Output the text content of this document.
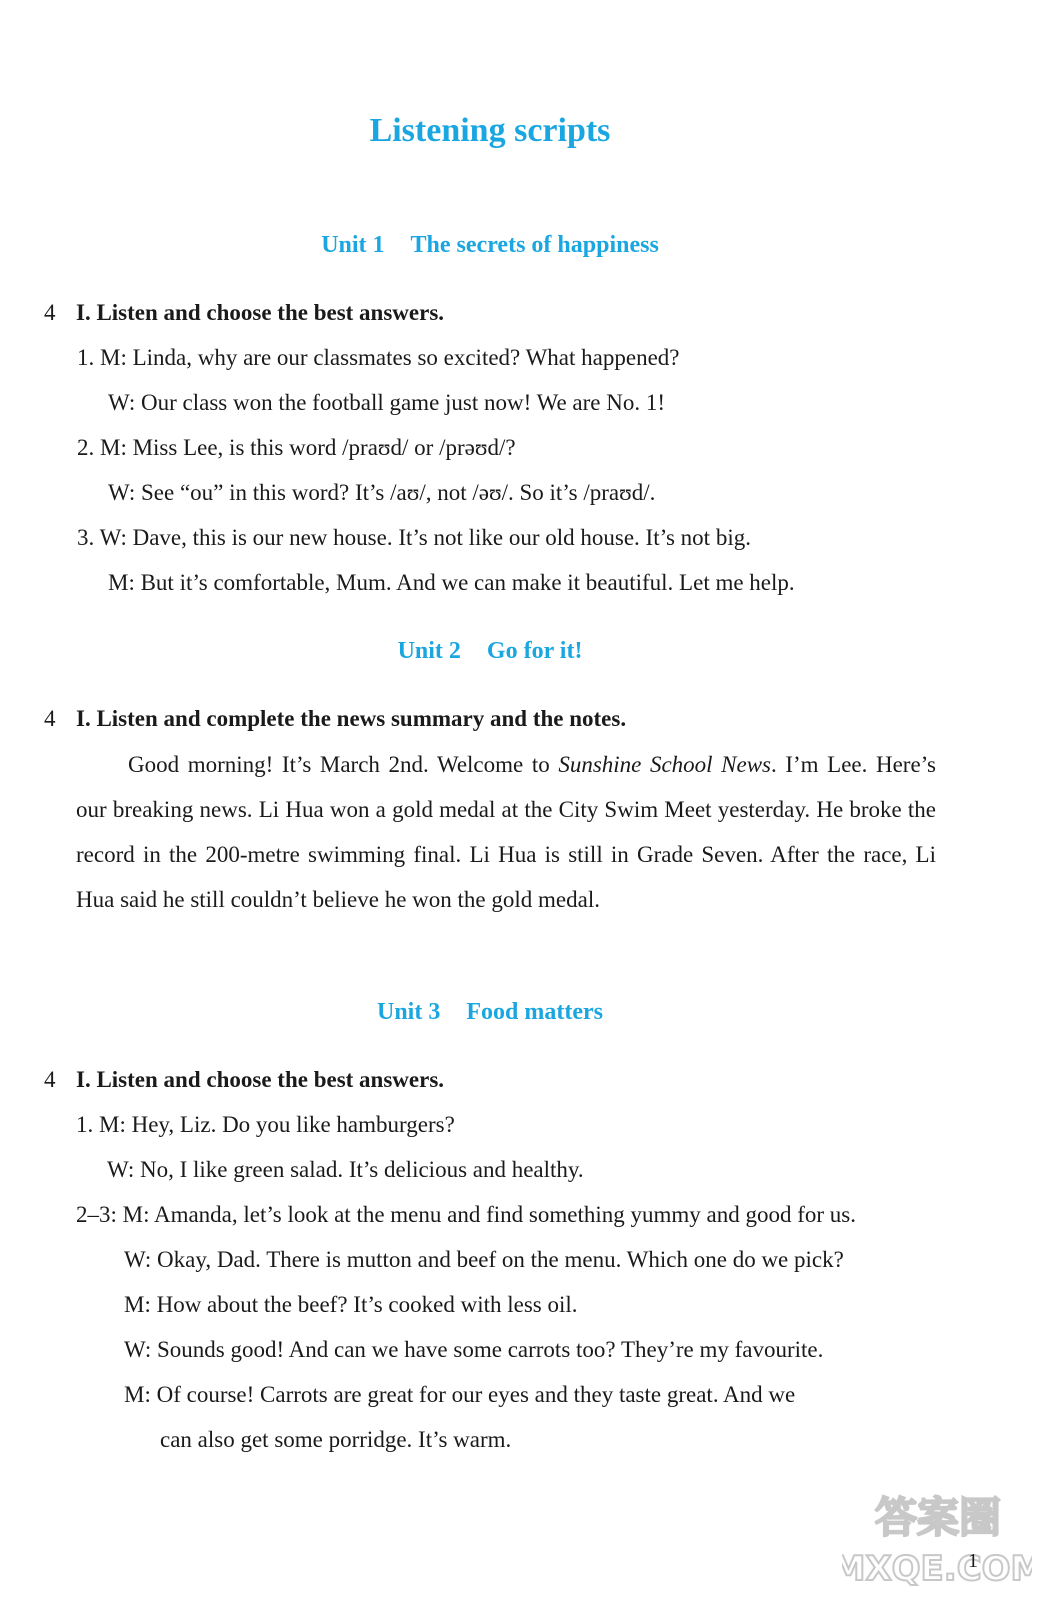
Listening scripts
Unit 1 The secrets of happiness
4 I. Listen and choose the best answers.
1. M: Linda, why are our classmates so excited? What happened?
W: Our class won the football game just now! We are No. 1!
2. M: Miss Lee, is this word /praʊd/ or /prəʊd/?
W: See “ou” in this word? It’s /aʊ/, not /əʊ/. So it’s /praʊd/.
3. W: Dave, this is our new house. It’s not like our old house. It’s not big.
M: But it’s comfortable, Mum. And we can make it beautiful. Let me help.
Unit 2 Go for it!
4 I. Listen and complete the news summary and the notes.
Good morning! It’s March 2nd. Welcome to Sunshine School News. I’m Lee. Here’s our breaking news. Li Hua won a gold medal at the City Swim Meet yesterday. He broke the record in the 200-metre swimming final. Li Hua is still in Grade Seven. After the race, Li Hua said he still couldn’t believe he won the gold medal.
Unit 3 Food matters
4 I. Listen and choose the best answers.
1. M: Hey, Liz. Do you like hamburgers?
W: No, I like green salad. It’s delicious and healthy.
2–3: M: Amanda, let’s look at the menu and find something yummy and good for us.
W: Okay, Dad. There is mutton and beef on the menu. Which one do we pick?
M: How about the beef? It’s cooked with less oil.
W: Sounds good! And can we have some carrots too? They’re my favourite.
M: Of course! Carrots are great for our eyes and they taste great. And we
can also get some porridge. It’s warm.
答案圈
MXQE.COM
1
